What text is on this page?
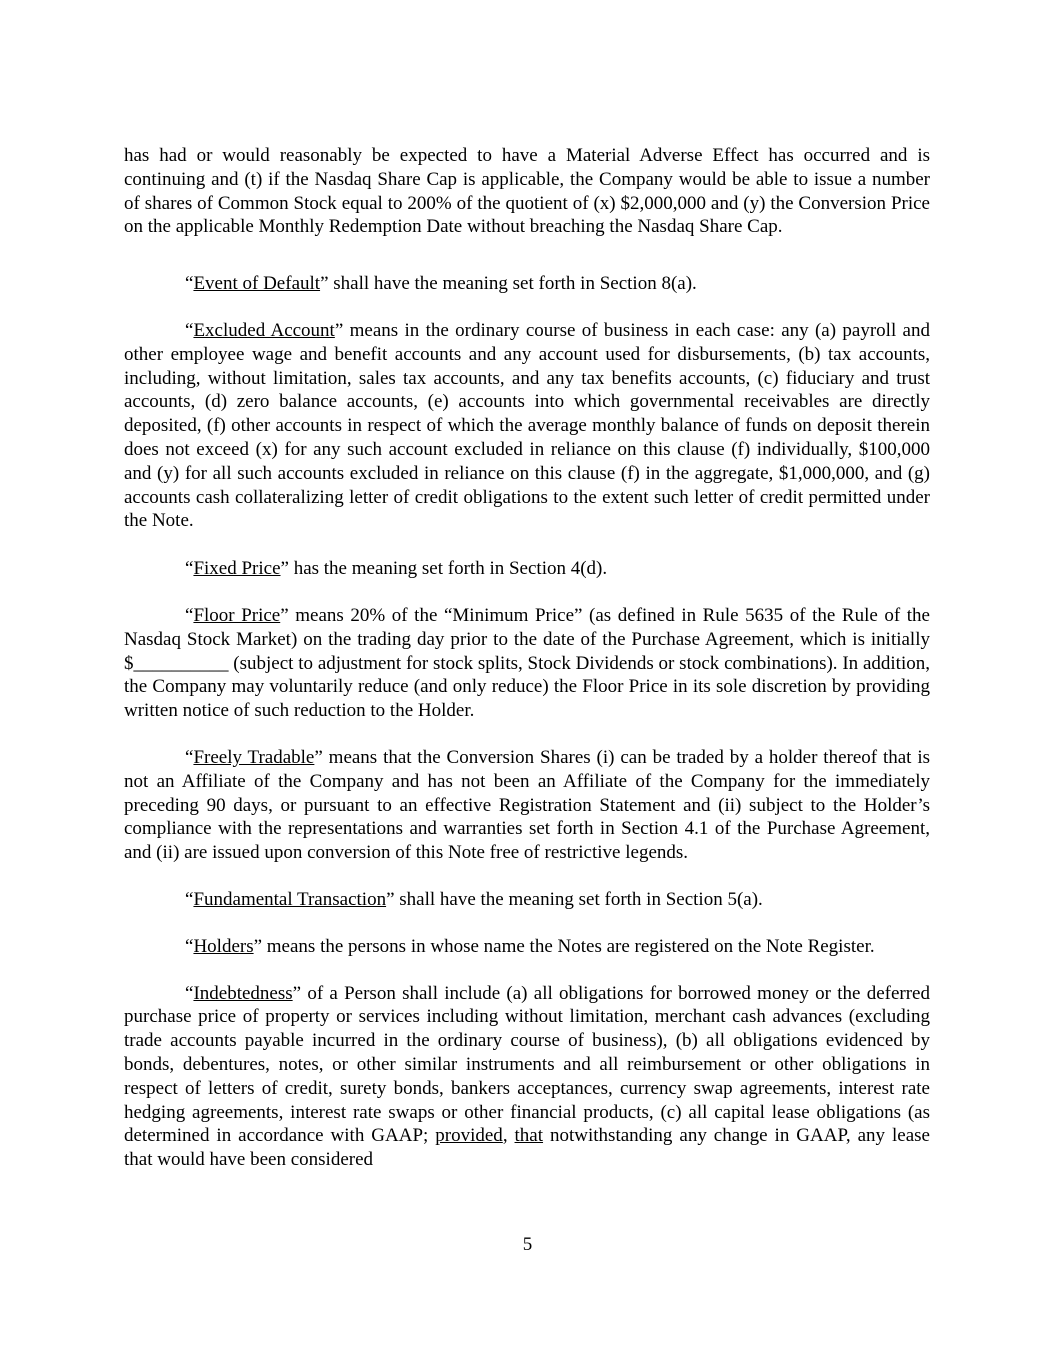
has had or would reasonably be expected to have a Material Adverse Effect has occurred and is continuing and (t) if the Nasdaq Share Cap is applicable, the Company would be able to issue a number of shares of Common Stock equal to 200% of the quotient of (x) $2,000,000 and (y) the Conversion Price on the applicable Monthly Redemption Date without breaching the Nasdaq Share Cap.

“Event of Default” shall have the meaning set forth in Section 8(a).

“Excluded Account” means in the ordinary course of business in each case: any (a) payroll and other employee wage and benefit accounts and any account used for disbursements, (b) tax accounts, including, without limitation, sales tax accounts, and any tax benefits accounts, (c) fiduciary and trust accounts, (d) zero balance accounts, (e) accounts into which governmental receivables are directly deposited, (f) other accounts in respect of which the average monthly balance of funds on deposit therein does not exceed (x) for any such account excluded in reliance on this clause (f) individually, $100,000 and (y) for all such accounts excluded in reliance on this clause (f) in the aggregate, $1,000,000, and (g) accounts cash collateralizing letter of credit obligations to the extent such letter of credit permitted under the Note.

“Fixed Price” has the meaning set forth in Section 4(d).

“Floor Price” means 20% of the “Minimum Price” (as defined in Rule 5635 of the Rule of the Nasdaq Stock Market) on the trading day prior to the date of the Purchase Agreement, which is initially $__________ (subject to adjustment for stock splits, Stock Dividends or stock combinations). In addition, the Company may voluntarily reduce (and only reduce) the Floor Price in its sole discretion by providing written notice of such reduction to the Holder.

“Freely Tradable” means that the Conversion Shares (i) can be traded by a holder thereof that is not an Affiliate of the Company and has not been an Affiliate of the Company for the immediately preceding 90 days, or pursuant to an effective Registration Statement and (ii) subject to the Holder’s compliance with the representations and warranties set forth in Section 4.1 of the Purchase Agreement, and (ii) are issued upon conversion of this Note free of restrictive legends.

“Fundamental Transaction” shall have the meaning set forth in Section 5(a).

“Holders” means the persons in whose name the Notes are registered on the Note Register.

“Indebtedness” of a Person shall include (a) all obligations for borrowed money or the deferred purchase price of property or services including without limitation, merchant cash advances (excluding trade accounts payable incurred in the ordinary course of business), (b) all obligations evidenced by bonds, debentures, notes, or other similar instruments and all reimbursement or other obligations in respect of letters of credit, surety bonds, bankers acceptances, currency swap agreements, interest rate hedging agreements, interest rate swaps or other financial products, (c) all capital lease obligations (as determined in accordance with GAAP; provided, that notwithstanding any change in GAAP, any lease that would have been considered

5
